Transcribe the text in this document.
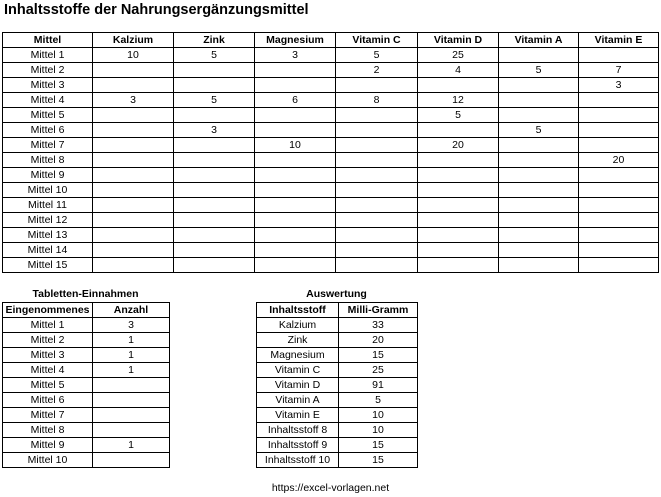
Inhaltsstoffe der Nahrungsergänzungsmittel
Mittel	Kalzium	Zink	Magnesium	Vitamin C	Vitamin D	Vitamin A	Vitamin E
Mittel 1	10	5	3	5	25		
Mittel 2				2	4	5	7
Mittel 3							3
Mittel 4	3	5	6	8	12		
Mittel 5					5		
Mittel 6		3				5	
Mittel 7			10		20		
Mittel 8							20
Mittel 9							
Mittel 10							
Mittel 11							
Mittel 12							
Mittel 13							
Mittel 14							
Mittel 15							
Tabletten-Einnahmen
Eingenommenes	Anzahl
Mittel 1	3
Mittel 2	1
Mittel 3	1
Mittel 4	1
Mittel 5	
Mittel 6	
Mittel 7	
Mittel 8	
Mittel 9	1
Mittel 10	
Auswertung
Inhaltsstoff	Milli-Gramm
Kalzium	33
Zink	20
Magnesium	15
Vitamin C	25
Vitamin D	91
Vitamin A	5
Vitamin E	10
Inhaltsstoff 8	10
Inhaltsstoff 9	15
Inhaltsstoff 10	15
https://excel-vorlagen.net
